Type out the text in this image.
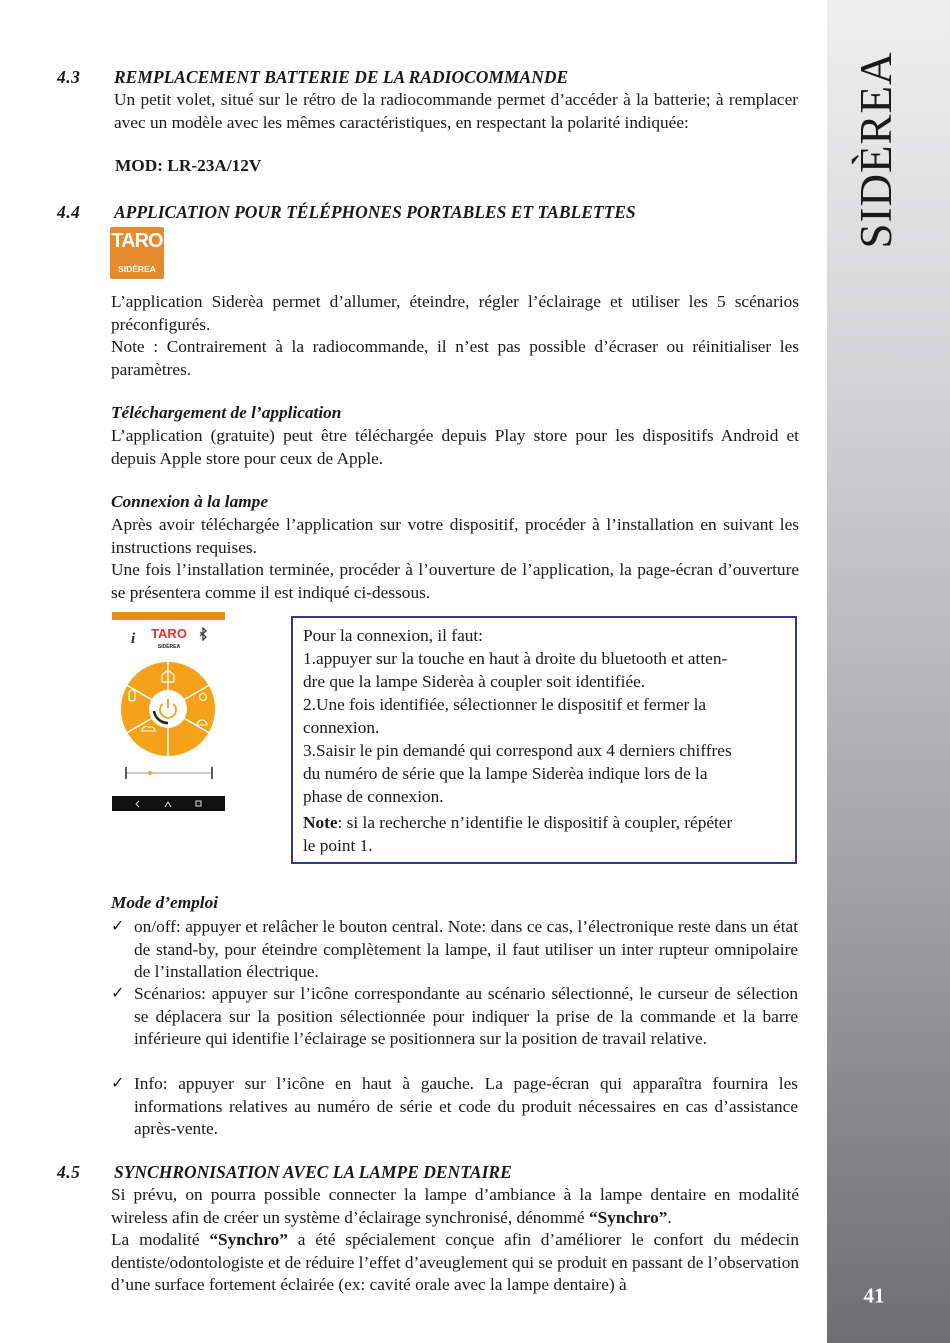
SIDÈREA
41
4.3 REMPLACEMENT BATTERIE DE LA RADIOCOMMANDE

Un petit volet, situé sur le rétro de la radiocommande permet d’accéder à la batterie; à remplacer avec un modèle avec les mêmes caractéristiques, en respectant la polarité indiquée:

MOD: LR-23A/12V
4.4 APPLICATION POUR TÉLÉPHONES PORTABLES ET TABLETTES
TARO
SIDÈREA

L’application Siderèa permet d’allumer, éteindre, régler l’éclairage et utiliser les 5 scénarios préconfigurés.

Note : Contrairement à la radiocommande, il n’est pas possible d’écraser ou réinitialiser les paramètres.

Téléchargement de l’application

L’application (gratuite) peut être téléchargée depuis Play store pour les dispositifs Android et depuis Apple store pour ceux de Apple.

Connexion à la lampe

Après avoir téléchargée l’application sur votre dispositif, procéder à l’installation en suivant les instructions requises.

Une fois l’installation terminée, procéder à l’ouverture de l’application, la page-écran d’ouverture se présentera comme il est indiqué ci-dessous.

i TARO
SIDÈREA
Pour la connexion, il faut:
1.appuyer sur la touche en haut à droite du bluetooth et atten-
dre que la lampe Siderèa à coupler soit identifiée.
2.Une fois identifiée, sélectionner le dispositif et fermer la
connexion.
3.Saisir le pin demandé qui correspond aux 4 derniers chiffres
du numéro de série que la lampe Siderèa indique lors de la
phase de connexion.
Note: si la recherche n’identifie le dispositif à coupler, répéter
le point 1.
Mode d’emploi
✓ on/off: appuyer et relâcher le bouton central. Note: dans ce cas, l’électronique reste dans un état de stand-by, pour éteindre complètement la lampe, il faut utiliser un inter rupteur omnipolaire de l’installation électrique.

✓ Scénarios: appuyer sur l’icône correspondante au scénario sélectionné, le curseur de sélection se déplacera sur la position sélectionnée pour indiquer la prise de la commande et la barre inférieure qui identifie l’éclairage se positionnera sur la position de travail relative.

✓ Info: appuyer sur l’icône en haut à gauche. La page-écran qui apparaîtra fournira les informations relatives au numéro de série et code du produit nécessaires en cas d’assistance après-vente.

4.5 SYNCHRONISATION AVEC LA LAMPE DENTAIRE

Si prévu, on pourra possible connecter la lampe d’ambiance à la lampe dentaire en modalité wireless afin de créer un système d’éclairage synchronisé, dénommé “Synchro”.

La modalité “Synchro” a été spécialement conçue afin d’améliorer le confort du médecin dentiste/odontologiste et de réduire l’effet d’aveuglement qui se produit en passant de l’observation d’une surface fortement éclairée (ex: cavité orale avec la lampe dentaire) à
